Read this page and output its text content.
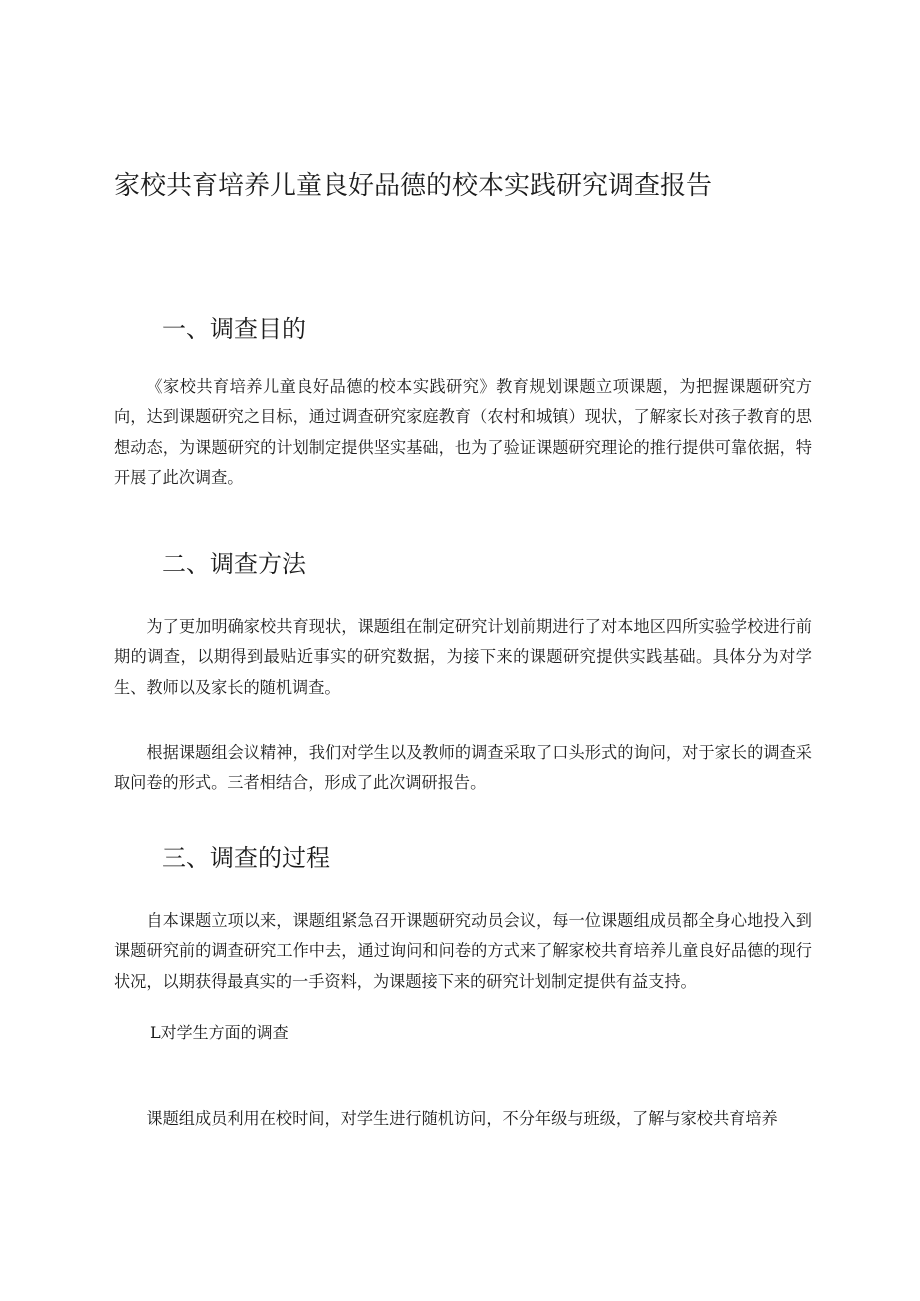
家校共育培养儿童良好品德的校本实践研究调查报告
一、调查目的

《家校共育培养儿童良好品德的校本实践研究》教育规划课题立项课题，为把握课题研究方向，达到课题研究之目标，通过调查研究家庭教育（农村和城镇）现状，了解家长对孩子教育的思想动态，为课题研究的计划制定提供坚实基础，也为了验证课题研究理论的推行提供可靠依据，特开展了此次调查。

二、调查方法

为了更加明确家校共育现状，课题组在制定研究计划前期进行了对本地区四所实验学校进行前期的调查，以期得到最贴近事实的研究数据，为接下来的课题研究提供实践基础。具体分为对学生、教师以及家长的随机调查。

根据课题组会议精神，我们对学生以及教师的调查采取了口头形式的询问，对于家长的调查采取问卷的形式。三者相结合，形成了此次调研报告。

三、调查的过程

自本课题立项以来，课题组紧急召开课题研究动员会议，每一位课题组成员都全身心地投入到课题研究前的调查研究工作中去，通过询问和问卷的方式来了解家校共育培养儿童良好品德的现行状况，以期获得最真实的一手资料，为课题接下来的研究计划制定提供有益支持。

L对学生方面的调查

课题组成员利用在校时间，对学生进行随机访问，不分年级与班级，了解与家校共育培养
